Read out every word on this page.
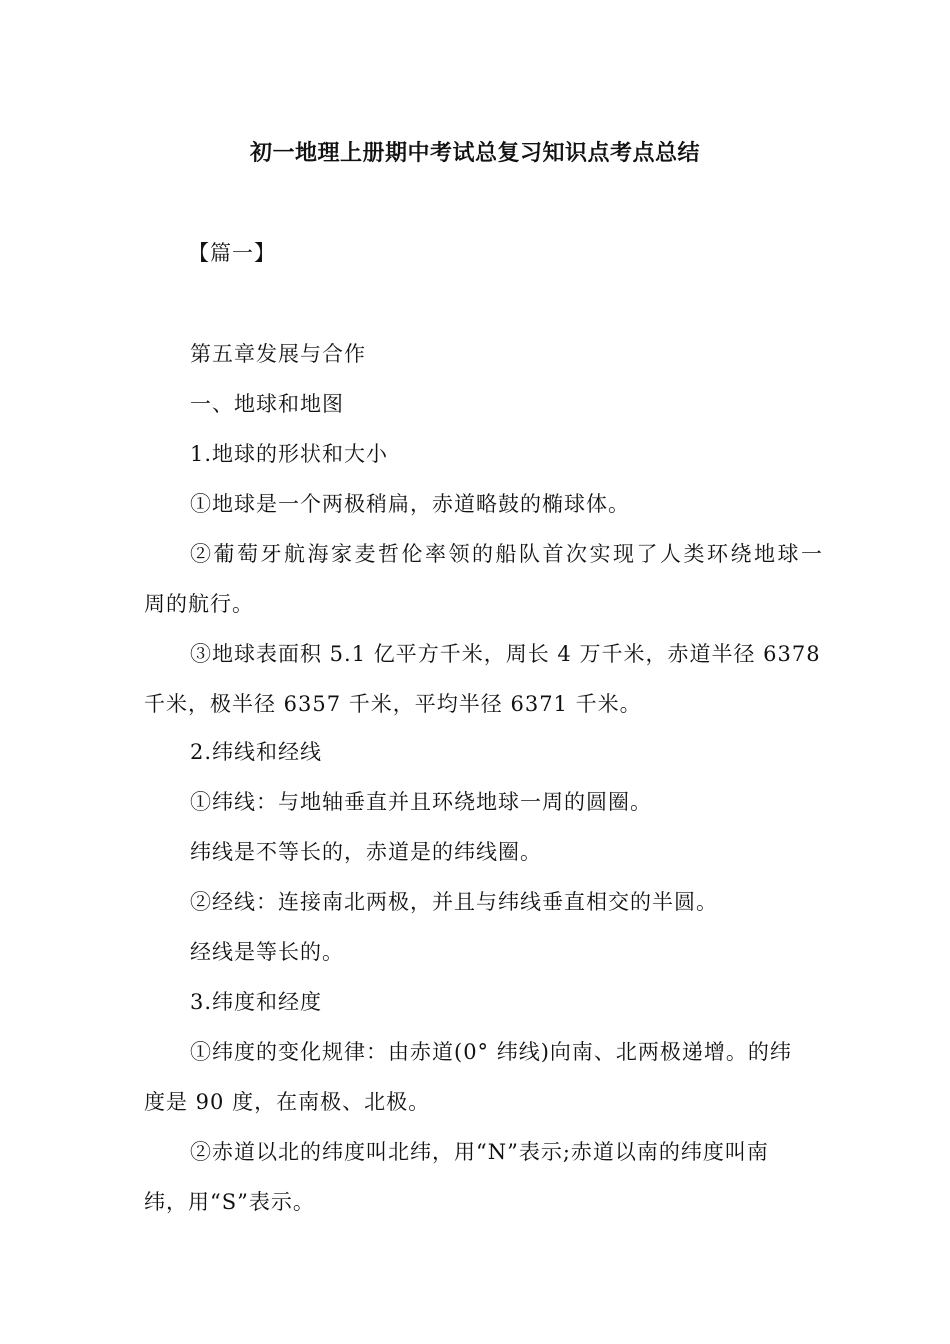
初一地理上册期中考试总复习知识点考点总结
【篇一】
第五章发展与合作
一、地球和地图
1.地球的形状和大小
①地球是一个两极稍扁，赤道略鼓的椭球体。
②葡萄牙航海家麦哲伦率领的船队首次实现了人类环绕地球一
周的航行。
③地球表面积 5.1 亿平方千米，周长 4 万千米，赤道半径 6378
千米，极半径 6357 千米，平均半径 6371 千米。
2.纬线和经线
①纬线：与地轴垂直并且环绕地球一周的圆圈。
纬线是不等长的，赤道是的纬线圈。
②经线：连接南北两极，并且与纬线垂直相交的半圆。
经线是等长的。
3.纬度和经度
①纬度的变化规律：由赤道(0° 纬线)向南、北两极递增。的纬
度是 90 度，在南极、北极。
②赤道以北的纬度叫北纬，用“N”表示;赤道以南的纬度叫南
纬，用“S”表示。
